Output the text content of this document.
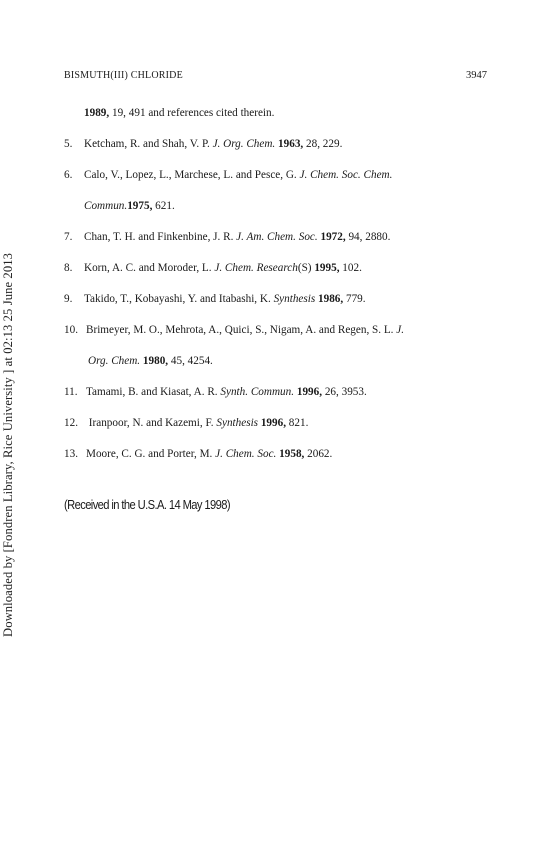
Downloaded by [Fondren Library, Rice University ] at 02:13 25 June 2013
BISMUTH(III) CHLORIDE	3947
1989, 19, 491 and references cited therein.
5. Ketcham, R. and Shah, V. P. J. Org. Chem. 1963, 28, 229.
6. Calo, V., Lopez, L., Marchese, L. and Pesce, G. J. Chem. Soc. Chem.
Commun.1975, 621.
7. Chan, T. H. and Finkenbine, J. R. J. Am. Chem. Soc. 1972, 94, 2880.
8. Korn, A. C. and Moroder, L. J. Chem. Research(S) 1995, 102.
9. Takido, T., Kobayashi, Y. and Itabashi, K. Synthesis 1986, 779.
10. Brimeyer, M. O., Mehrota, A., Quici, S., Nigam, A. and Regen, S. L. J.
Org. Chem. 1980, 45, 4254.
11. Tamami, B. and Kiasat, A. R. Synth. Commun. 1996, 26, 3953.
12. Iranpoor, N. and Kazemi, F. Synthesis 1996, 821.
13. Moore, C. G. and Porter, M. J. Chem. Soc. 1958, 2062.
(Received in the U.S.A. 14 May 1998)
